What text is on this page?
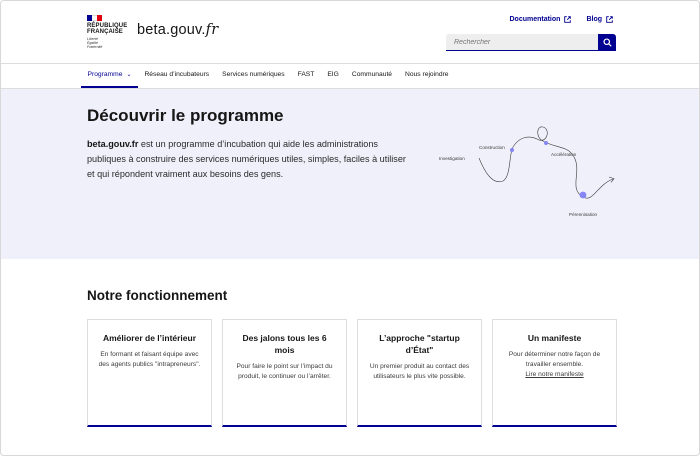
RÉPUBLIQUE
FRANÇAISE
Liberté
Égalité
Fraternité
beta.gouv.fr
Documentation	Blog
Rechercher
Programme ⌄	Réseau d’incubateurs	Services numériques	FAST	EIG	Communauté	Nous rejoindre
Découvrir le programme

beta.gouv.fr est un programme d’incubation qui aide les administrations publiques à construire des services numériques utiles, simples, faciles à utiliser et qui répondent vraiment aux besoins des gens.

Investigation
Construction
Accélération
Pérennisation
Notre fonctionnement
Améliorer de l’intérieur
En formant et faisant équipe avec des agents publics "intrapreneurs".
Des jalons tous les 6 mois
Pour faire le point sur l’impact du produit, le continuer ou l’arrêter.
L’approche "startup d’État"
Un premier produit au contact des utilisateurs le plus vite possible.
Un manifeste
Pour déterminer notre façon de travailler ensemble.
Lire notre manifeste
